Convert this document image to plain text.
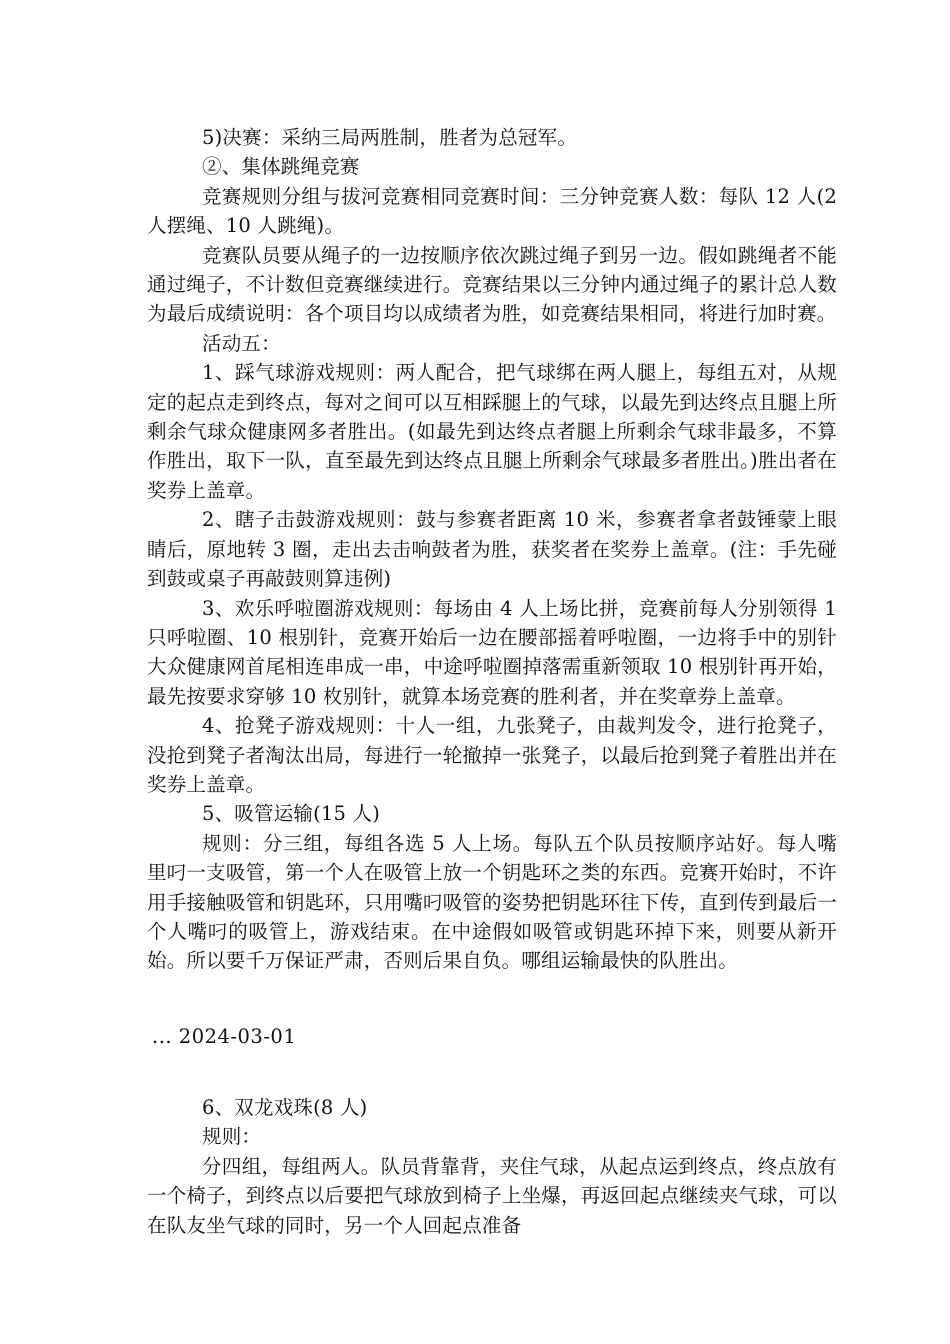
5)决赛：采纳三局两胜制，胜者为总冠军。

②、集体跳绳竞赛

竞赛规则分组与拔河竞赛相同竞赛时间：三分钟竞赛人数：每队 12 人(2 人摆绳、10 人跳绳)。

竞赛队员要从绳子的一边按顺序依次跳过绳子到另一边。假如跳绳者不能通过绳子，不计数但竞赛继续进行。竞赛结果以三分钟内通过绳子的累计总人数为最后成绩说明：各个项目均以成绩者为胜，如竞赛结果相同，将进行加时赛。

活动五：

1、踩气球游戏规则：两人配合，把气球绑在两人腿上，每组五对，从规定的起点走到终点，每对之间可以互相踩腿上的气球，以最先到达终点且腿上所剩余气球众健康网多者胜出。(如最先到达终点者腿上所剩余气球非最多，不算作胜出，取下一队，直至最先到达终点且腿上所剩余气球最多者胜出。)胜出者在奖券上盖章。

2、瞎子击鼓游戏规则：鼓与参赛者距离 10 米，参赛者拿者鼓锤蒙上眼睛后，原地转 3 圈，走出去击响鼓者为胜，获奖者在奖券上盖章。(注：手先碰到鼓或桌子再敲鼓则算违例)

3、欢乐呼啦圈游戏规则：每场由 4 人上场比拼，竞赛前每人分别领得 1 只呼啦圈、10 根别针，竞赛开始后一边在腰部摇着呼啦圈，一边将手中的别针大众健康网首尾相连串成一串，中途呼啦圈掉落需重新领取 10 根别针再开始，最先按要求穿够 10 枚别针，就算本场竞赛的胜利者，并在奖章券上盖章。

4、抢凳子游戏规则：十人一组，九张凳子，由裁判发令，进行抢凳子，没抢到凳子者淘汰出局，每进行一轮撤掉一张凳子，以最后抢到凳子着胜出并在奖券上盖章。

5、吸管运输(15 人)

规则：分三组，每组各选 5 人上场。每队五个队员按顺序站好。每人嘴里叼一支吸管，第一个人在吸管上放一个钥匙环之类的东西。竞赛开始时，不许用手接触吸管和钥匙环，只用嘴叼吸管的姿势把钥匙环往下传，直到传到最后一个人嘴叼的吸管上，游戏结束。在中途假如吸管或钥匙环掉下来，则要从新开始。所以要千万保证严肃，否则后果自负。哪组运输最快的队胜出。

... 2024-03-01

6、双龙戏珠(8 人)

规则：

分四组，每组两人。队员背靠背，夹住气球，从起点运到终点，终点放有一个椅子，到终点以后要把气球放到椅子上坐爆，再返回起点继续夹气球，可以在队友坐气球的同时，另一个人回起点准备
